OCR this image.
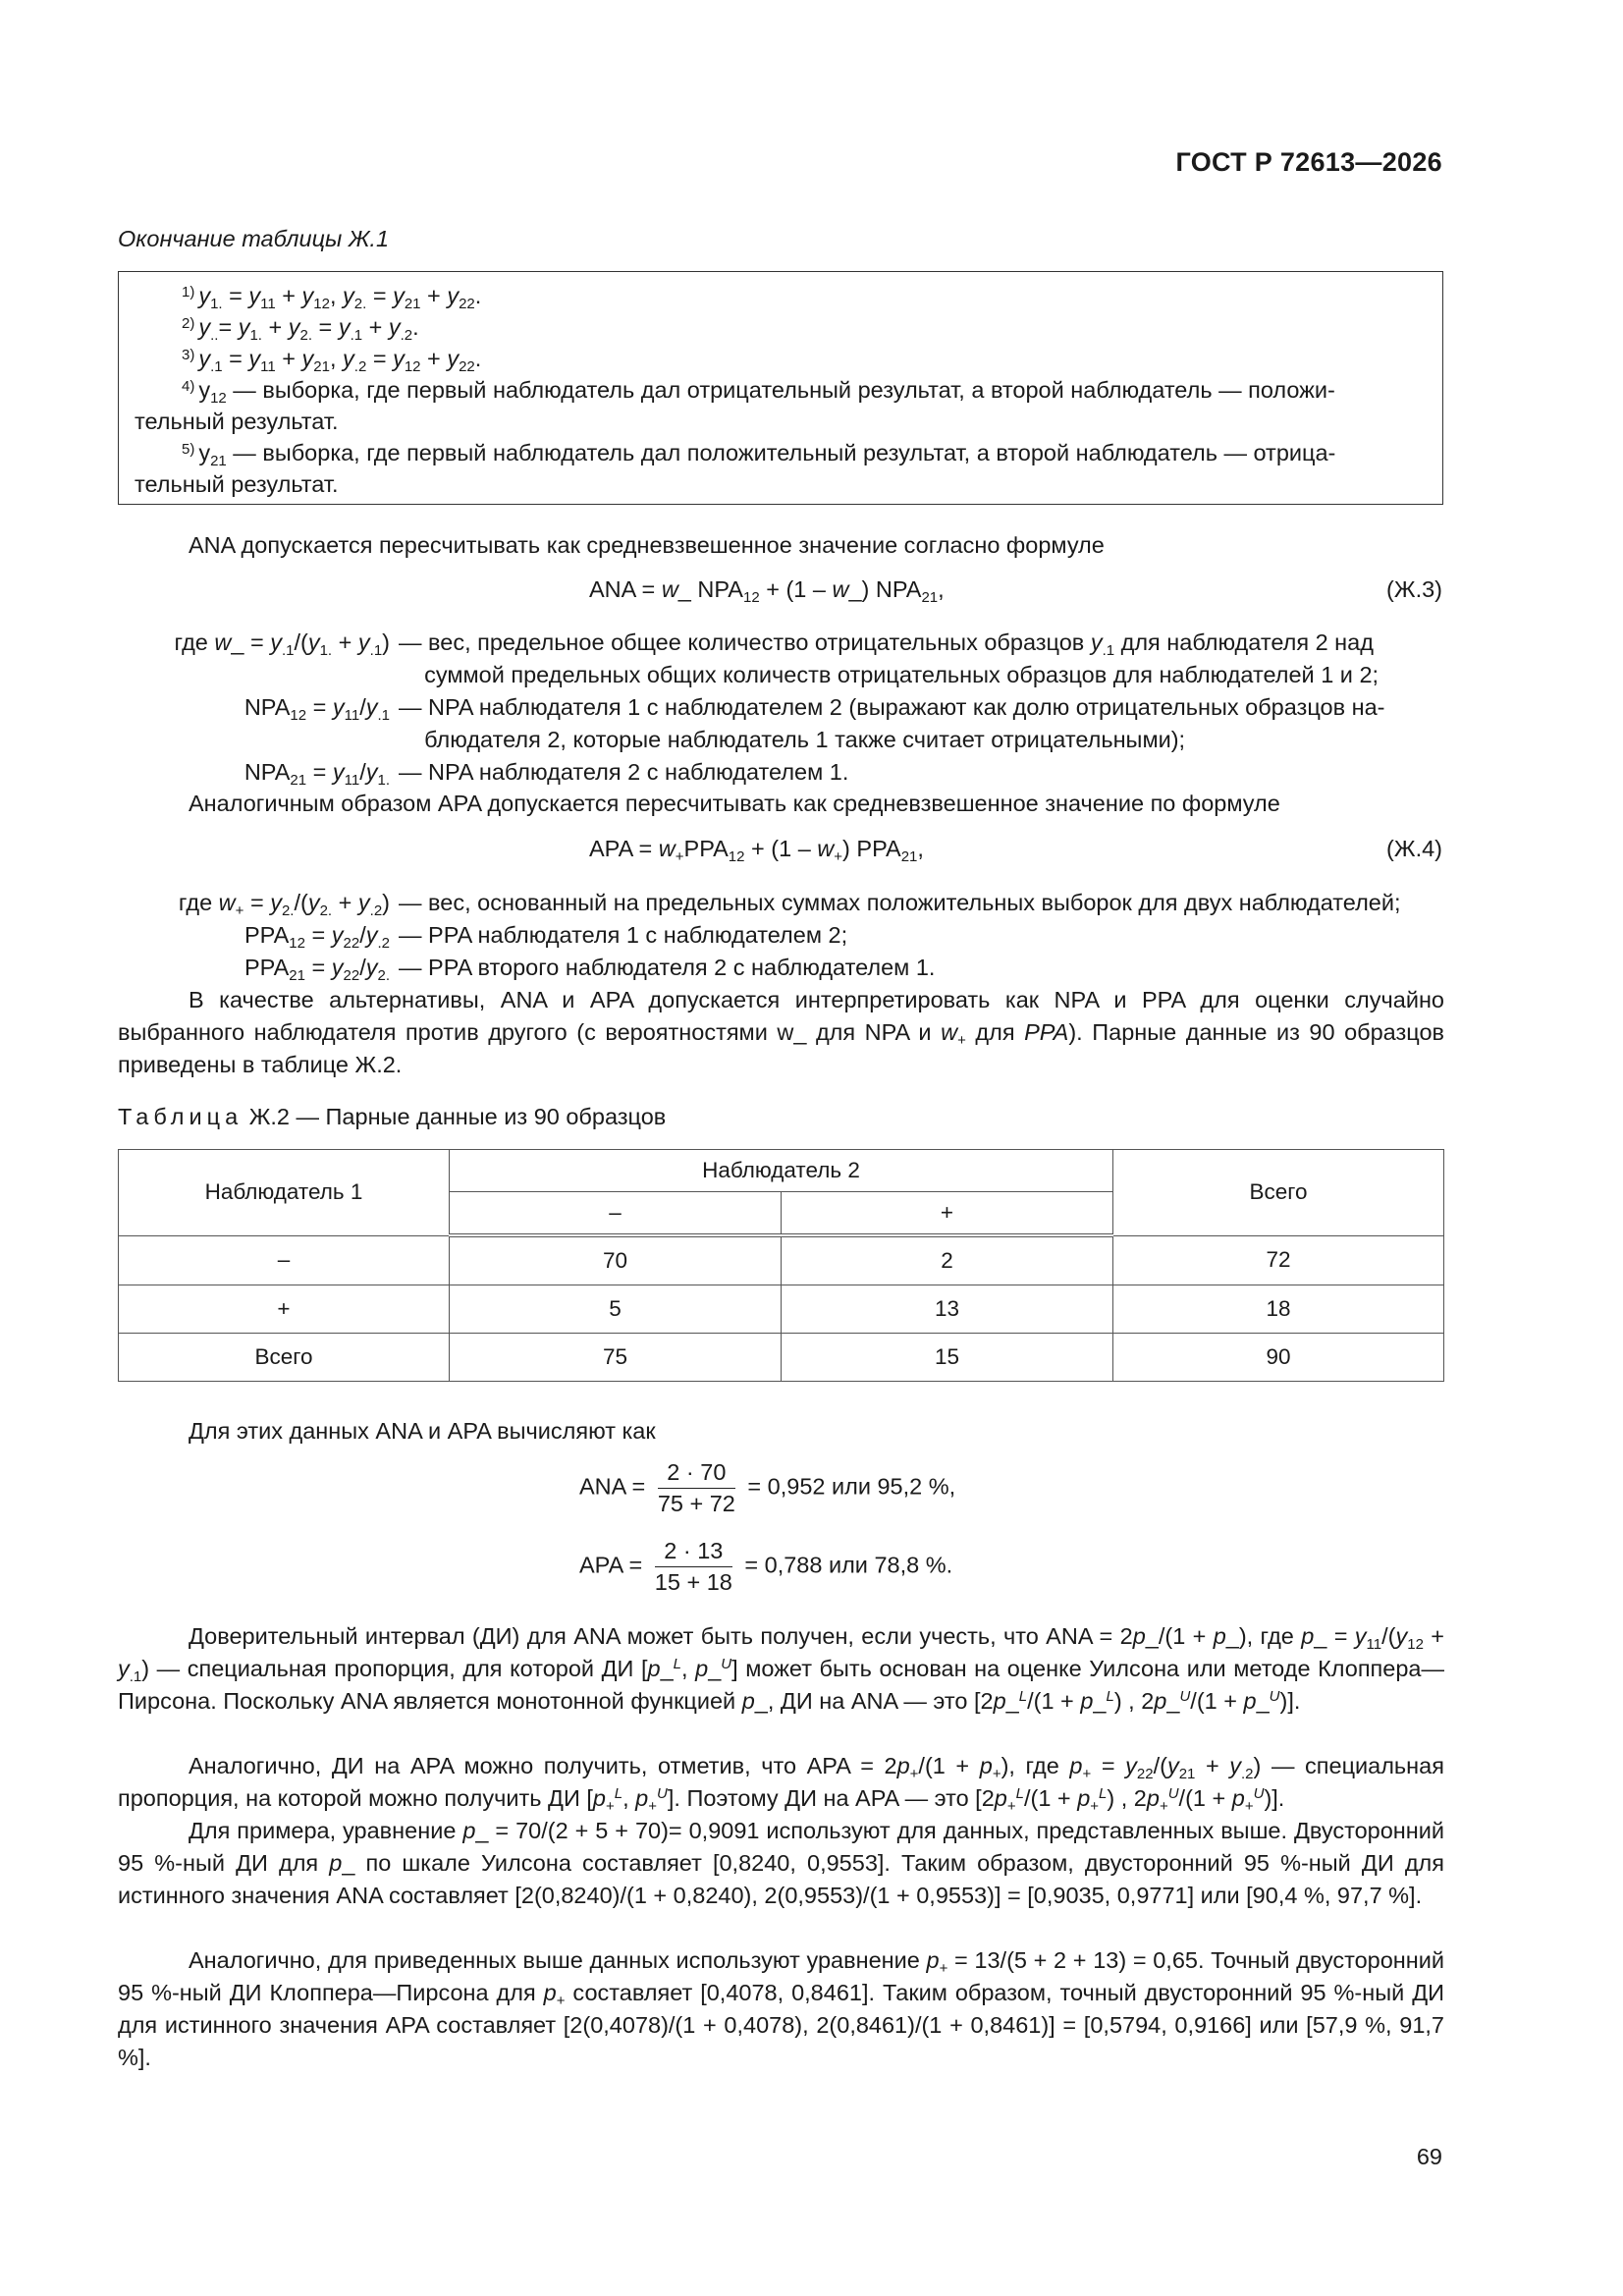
ГОСТ Р 72613—2026
Окончание таблицы Ж.1
$^{1)}$ $y_{1.} = y_{11} + y_{12}$, $y_{2.} = y_{21} + y_{22}$.
$^{2)}$ $y_{..}= y_{1.} + y_{2.} = y_{.1} + y_{.2}$.
$^{3)}$ $y_{.1} = y_{11} + y_{21}$, $y_{.2} = y_{12} + y_{22}$.
$^{4)}$ $y_{12}$ — выборка, где первый наблюдатель дал отрицательный результат, а второй наблюдатель — положи-
тельный результат.
$^{5)}$ $y_{21}$ — выборка, где первый наблюдатель дал положительный результат, а второй наблюдатель — отрица-
тельный результат.
ANA допускается пересчитывать как средневзвешенное значение согласно формуле
ANA = w_ $NPA_{12} + (1$ – w_) $NPA_{21}$,	(Ж.3)
где w_ = $y_{.1}/(y_{1.} + y_{.1})$ — вес, предельное общее количество отрицательных образцов $y_{.1}$ для наблюдателя 2 над
суммой предельных общих количеств отрицательных образцов для наблюдателей 1 и 2;
$NPA_{12} = y_{11}/y_{.1}$ — NPA наблюдателя 1 с наблюдателем 2 (выражают как долю отрицательных образцов на-
блюдателя 2, которые наблюдатель 1 также считает отрицательными);
$NPA_{21} = y_{11}/y_{1.}$ — NPA наблюдателя 2 с наблюдателем 1.
Аналогичным образом APA допускается пересчитывать как средневзвешенное значение по формуле
APA = $w_+PPA_{12} + (1 - w_+)$ $PPA_{21}$,	(Ж.4)
где $w_+ = y_{2.}/(y_{2.} + y_{.2})$ — вес, основанный на предельных суммах положительных выборок для двух наблюдателей;
$PPA_{12} = y_{22}/y_{.2}$ — PPA наблюдателя 1 с наблюдателем 2;
$PPA_{21} = y_{22}/y_{2.}$ — PPA второго наблюдателя 2 с наблюдателем 1.
В качестве альтернативы, ANA и APA допускается интерпретировать как NPA и PPA для оценки случайно выбранного наблюдателя против другого (с вероятностями w_ для NPA и $w_+$ для PPA). Парные данные из 90 образцов приведены в таблице Ж.2.
Таблица Ж.2 — Парные данные из 90 образцов
Наблюдатель 1	Наблюдатель 2		Всего
	–	+	
–	70	2	72
+	5	13	18
Всего	75	15	90
Для этих данных ANA и APA вычисляют как
ANA = $\frac{2 \cdot 70}{75 + 72} = 0,952$ или 95,2 %,
APA = $\frac{2 \cdot 13}{15 + 18} = 0,788$ или 78,8 %.
Доверительный интервал (ДИ) для ANA может быть получен, если учесть, что ANA = 2p_/(1 + p_), где p_ = $y_{11}/(y_{12} + y_{.1})$ — специальная пропорция, для которой ДИ [p_$^L$, p_$^U$] может быть основан на оценке Уилсона или методе Клоппера—Пирсона. Поскольку ANA является монотонной функцией p_, ДИ на ANA — это [2p_$^L$/(1 + p_$^L$) , 2p_$^U$/(1 + p_$^U$)].
Аналогично, ДИ на APA можно получить, отметив, что APA = $2p_+/(1 + p_+)$, где $p_+ = y_{22}/(y_{21} + y_{.2})$ — специальная пропорция, на которой можно получить ДИ [$p_+^L$, $p_+^U$]. Поэтому ДИ на APA — это [$2p_+^L/(1 + p_+^L)$ , $2p_+^U/(1 + p_+^U)$].
Для примера, уравнение p_ = 70/(2 + 5 + 70)= 0,9091 используют для данных, представленных выше. Двусторонний 95 %-ный ДИ для p_ по шкале Уилсона составляет [0,8240, 0,9553]. Таким образом, двусторонний 95 %-ный ДИ для истинного значения ANA составляет [2(0,8240)/(1 + 0,8240), 2(0,9553)/(1 + 0,9553)] = [0,9035, 0,9771] или [90,4 %, 97,7 %].
Аналогично, для приведенных выше данных используют уравнение $p_+ = 13/(5 + 2 + 13) = 0,65$. Точный двусторонний 95 %-ный ДИ Клоппера—Пирсона для $p_+$ составляет [0,4078, 0,8461]. Таким образом, точный двусторонний 95 %-ный ДИ для истинного значения APA составляет [2(0,4078)/(1 + 0,4078), 2(0,8461)/(1 + 0,8461)] = [0,5794, 0,9166] или [57,9 %, 91,7 %].
69
